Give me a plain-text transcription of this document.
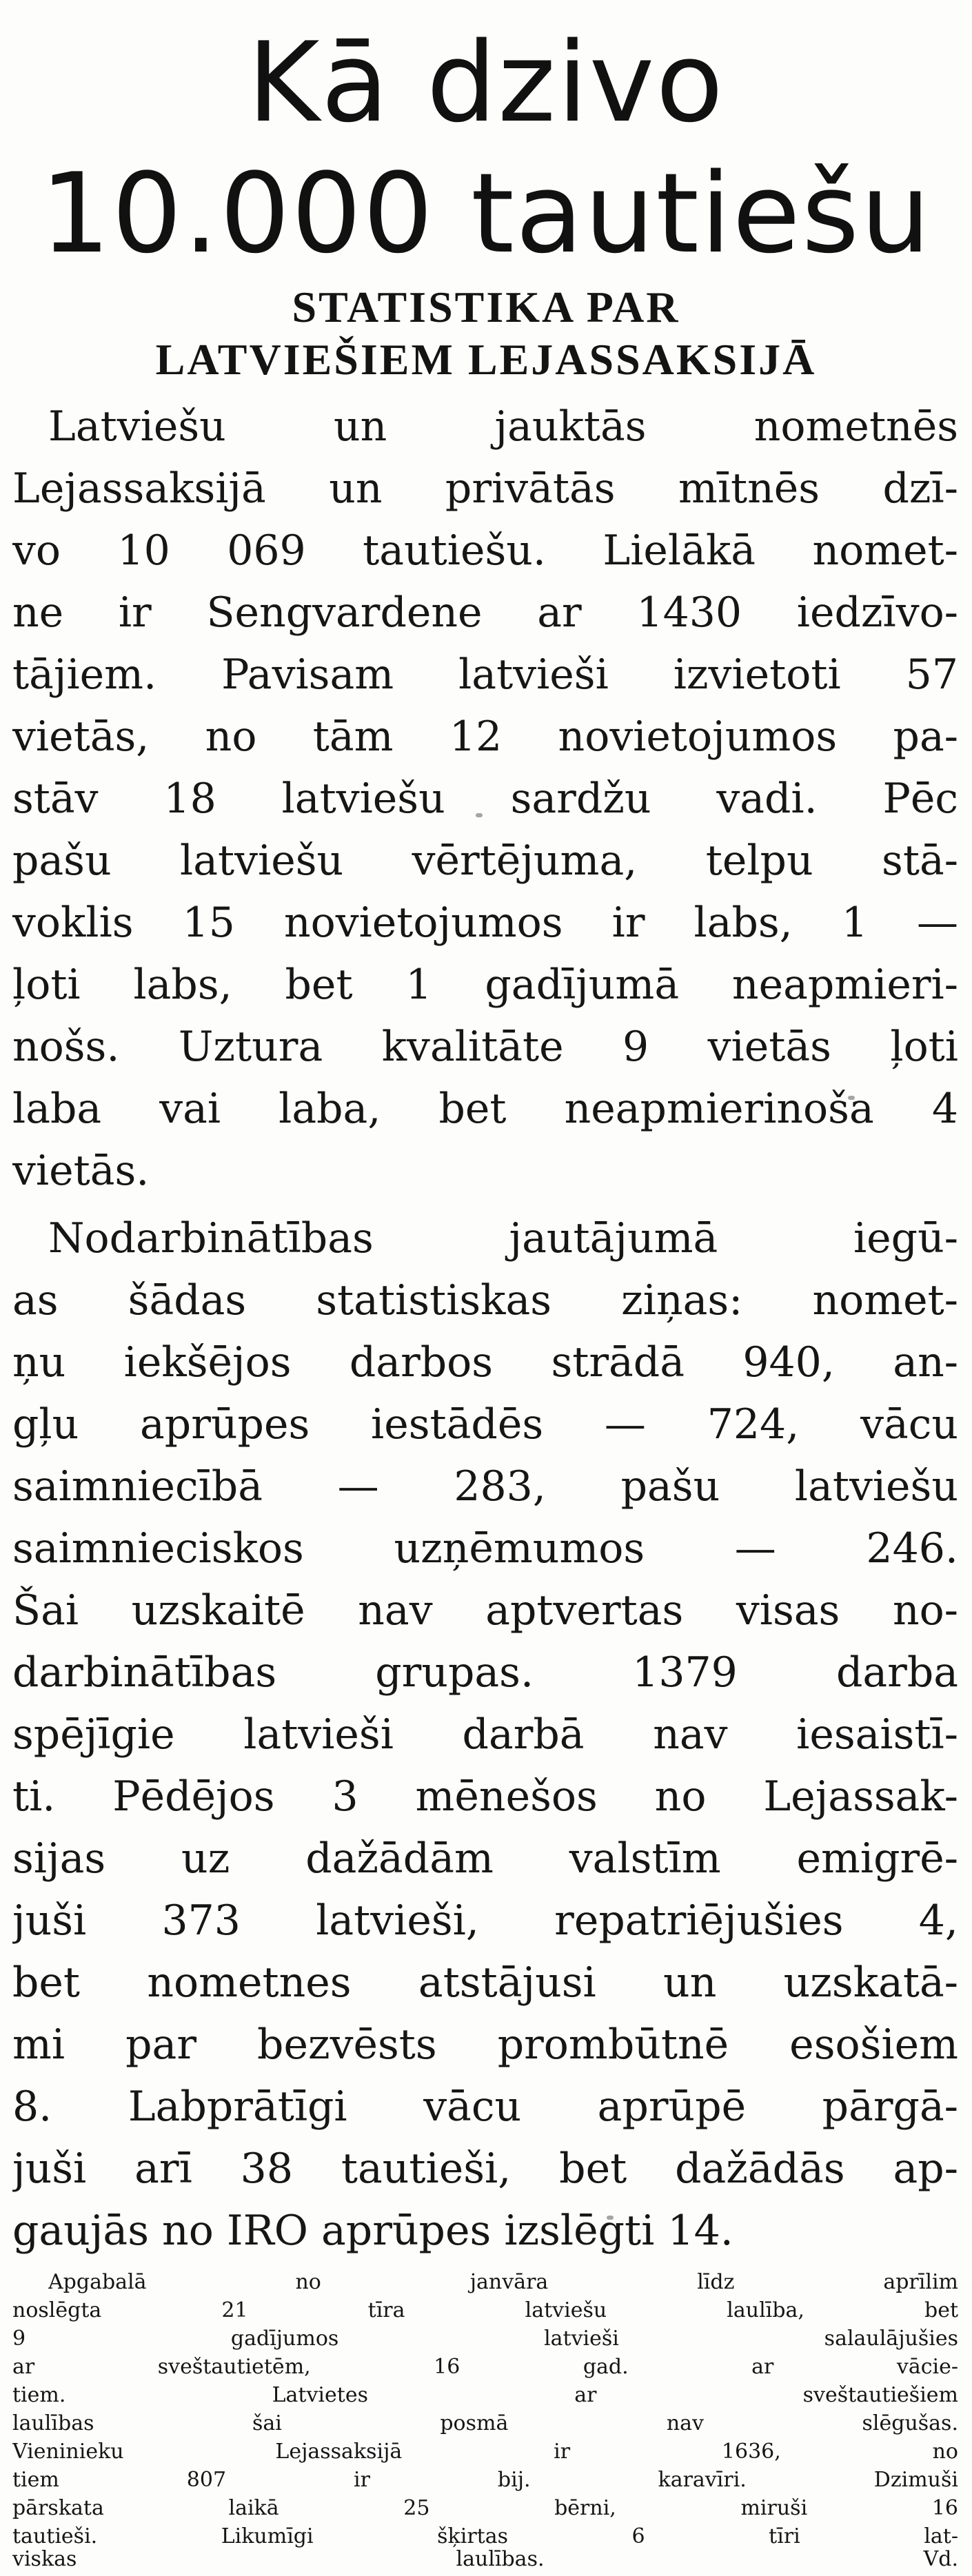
Kā dzivo
10.000 tautiešu
STATISTIKA PAR
LATVIEŠIEM LEJASSAKSIJĀ
Latviešu un jauktās nometnēs
Lejassaksijā un privātās mītnēs dzī-
vo 10 069 tautiešu. Lielākā nomet-
ne ir Sengvardene ar 1430 iedzīvo-
tājiem. Pavisam latvieši izvietoti 57
vietās, no tām 12 novietojumos pa-
stāv 18 latviešu sardžu vadi. Pēc
pašu latviešu vērtējuma, telpu stā-
voklis 15 novietojumos ir labs, 1 —
ļoti labs, bet 1 gadījumā neapmieri-
nošs. Uztura kvalitāte 9 vietās ļoti
laba vai laba, bet neapmierinoša 4
vietās.
Nodarbinātības jautājumā iegū-
as šādas statistiskas ziņas: nomet-
ņu iekšējos darbos strādā 940, an-
gļu aprūpes iestādēs — 724, vācu
saimniecībā — 283, pašu latviešu
saimnieciskos uzņēmumos — 246.
Šai uzskaitē nav aptvertas visas no-
darbinātības grupas. 1379 darba
spējīgie latvieši darbā nav iesaistī-
ti. Pēdējos 3 mēnešos no Lejassak-
sijas uz dažādām valstīm emigrē-
juši 373 latvieši, repatriējušies 4,
bet nometnes atstājusi un uzskatā-
mi par bezvēsts prombūtnē esošiem
8. Labprātīgi vācu aprūpē pārgā-
juši arī 38 tautieši, bet dažādās ap-
gaujās no IRO aprūpes izslēgti 14.
Apgabalā no janvāra līdz aprīlim
noslēgta 21 tīra latviešu laulība, bet
9 gadījumos latvieši salaulājušies
ar sveštautietēm, 16 gad. ar vācie-
tiem. Latvietes ar sveštautiešiem
laulības šai posmā nav slēgušas.
Vieninieku Lejassaksijā ir 1636, no
tiem 807 ir bij. karavīri. Dzimuši
pārskata laikā 25 bērni, miruši 16
tautieši. Likumīgi šķirtas 6 tīri lat-
viskas laulības. Vd.
